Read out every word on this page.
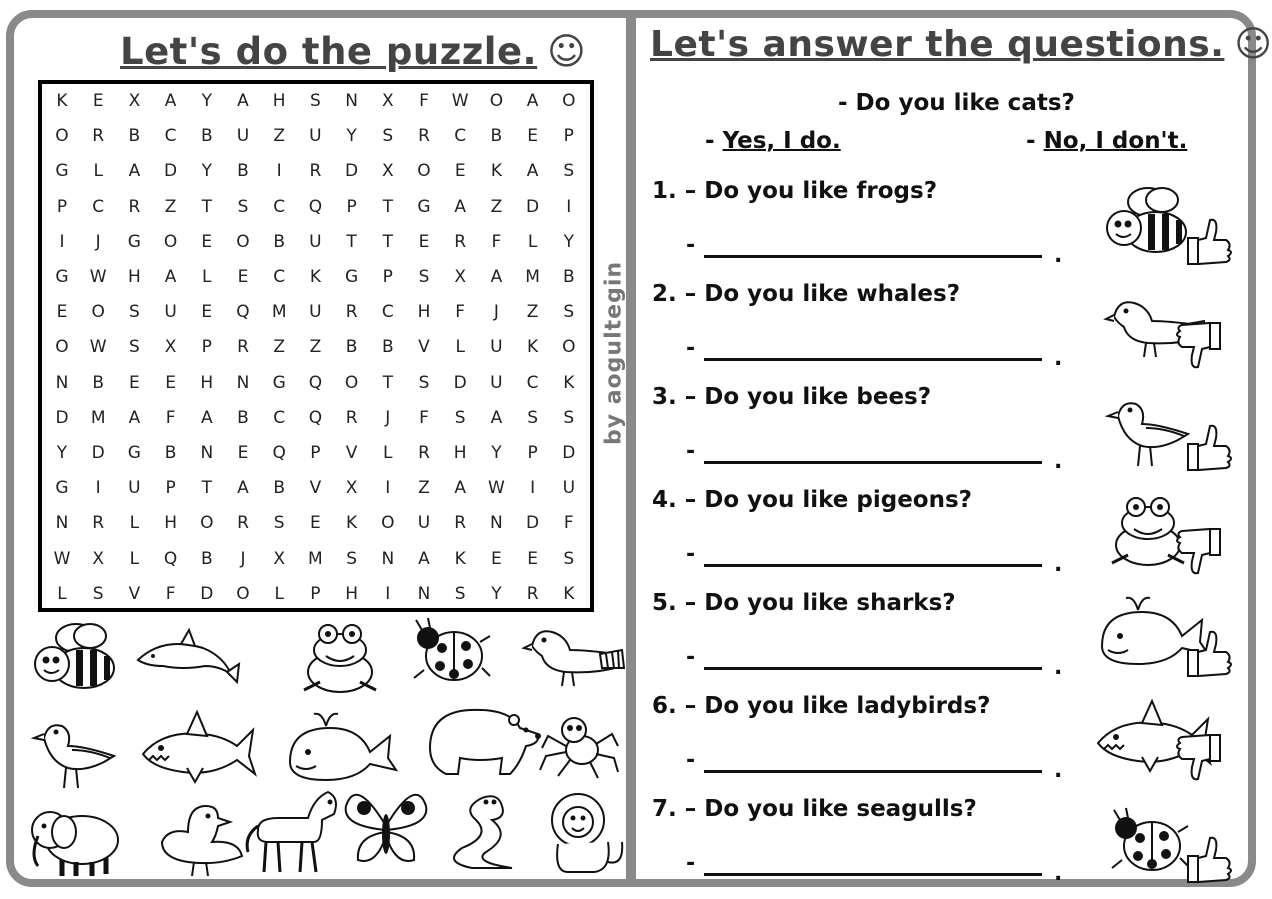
Let's do the puzzle. ☺
K	E	X	A	Y	A	H	S	N	X	F	W	O	A	O
O	R	B	C	B	U	Z	U	Y	S	R	C	B	E	P
G	L	A	D	Y	B	I	R	D	X	O	E	K	A	S
P	C	R	Z	T	S	C	Q	P	T	G	A	Z	D	I
I	J	G	O	E	O	B	U	T	T	E	R	F	L	Y
G	W	H	A	L	E	C	K	G	P	S	X	A	M	B
E	O	S	U	E	Q	M	U	R	C	H	F	J	Z	S
O	W	S	X	P	R	Z	Z	B	B	V	L	U	K	O
N	B	E	E	H	N	G	Q	O	T	S	D	U	C	K
D	M	A	F	A	B	C	Q	R	J	F	S	A	S	S
Y	D	G	B	N	E	Q	P	V	L	R	H	Y	P	D
G	I	U	P	T	A	B	V	X	I	Z	A	W	I	U
N	R	L	H	O	R	S	E	K	O	U	R	N	D	F
W	X	L	Q	B	J	X	M	S	N	A	K	E	E	S
L	S	V	F	D	O	L	P	H	I	N	S	Y	R	K
by aogultegin
Let's answer the questions. ☺
- Do you like cats?
- Yes, I do.	- No, I don't.
1. – Do you like frogs?
-	.
2. – Do you like whales?
-	.
3. – Do you like bees?
-	.
4. – Do you like pigeons?
-	.
5. – Do you like sharks?
-	.
6. – Do you like ladybirds?
-	.
7. – Do you like seagulls?
-	.
